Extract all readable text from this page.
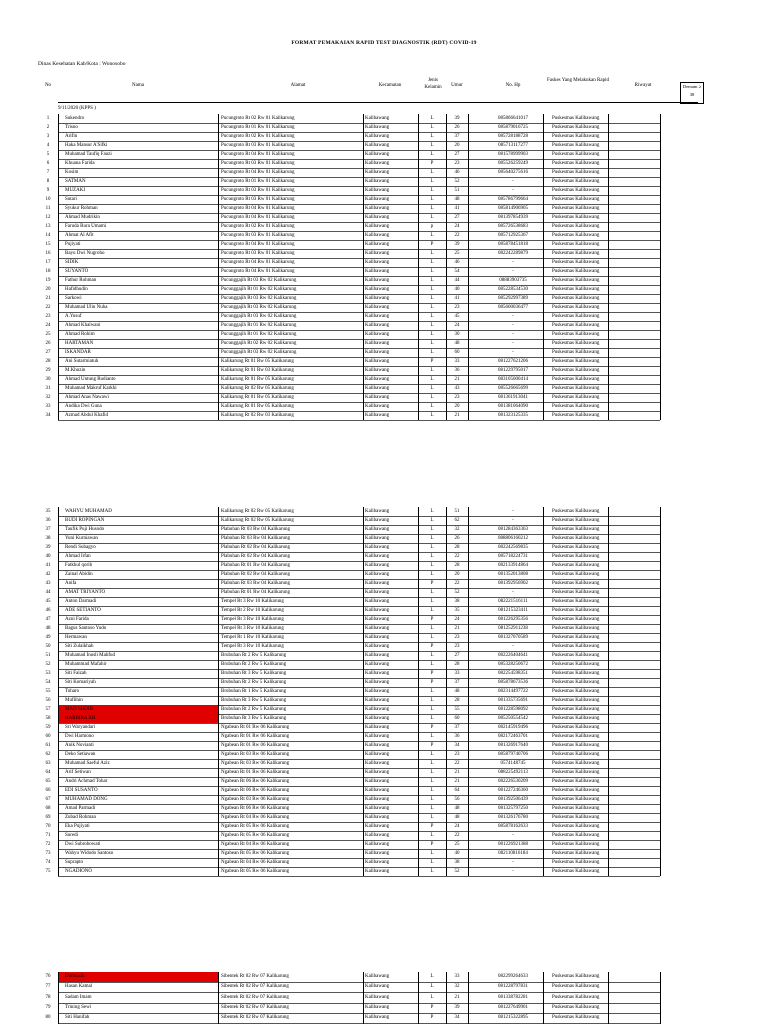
FORMAT PEMAKAIAN RAPID TEST DIAGNOSTIK (RDT) COVID-19
Dinas Kesehatan Kab/Kota : Wonosobo
No	Nama	Alamat	Kecamatan
Jenis Kelamin	Umur	No. Hp
Faskes Yang Melakukan Rapid
Riwayat	Demam ≥ 38
9/11/2020 (KPPS )
1	Sukendro	Pucungroto Rt 02 Rw 01 Kalikarung	Kalibawang	L	39	085866641017	Puskesmas Kalibawang
2	Trisno	Pucungroto Rt 01 Rw 01 Kalikarung	Kalibawang	L	26	085879016725	Puskesmas Kalibawang
3	Arifin	Pucungroto Rt 02 Rw 01 Kalikarung	Kalibawang	L	37	085728188728	Puskesmas Kalibawang
4	Haka Mansur A'Sifki	Pucungroto Rt 03 Rw 01 Kalikarung	Kalibawang	L	20	085713117277	Puskesmas Kalibawang
5	Muhamad Taufiq Fauzi	Pucungroto Rt 04 Rw 01 Kalikarung	Kalibawang	L	27	081578999903	Puskesmas Kalibawang
6	Khuana Farida	Pucungroto Rt 03 Rw 01 Kalikarung	Kalibawang	P	23	085526259249	Puskesmas Kalibawang
7	Kosim	Pucungroto Rt 04 Rw 01 Kalikarung	Kalibawang	L	46	085640275616	Puskesmas Kalibawang
8	SATMAN	Pucungroto Rt 01 Rw 01 Kalikarung	Kalibawang	L	52	-	Puskesmas Kalibawang
9	MUZAKI	Pucungroto Rt 03 Rw 01 Kalikarung	Kalibawang	L	51	-	Puskesmas Kalibawang
10	Sutari	Pucungroto Rt 03 Rw 01 Kalikarung	Kalibawang	L	48	085786799664	Puskesmas Kalibawang
11	Syukur Rohman	Pucungroto Rt 04 Rw 01 Kalikarung	Kalibawang	L	41	085814906905	Puskesmas Kalibawang
12	Ahmad Mudrikin	Pucungroto Rt 04 Rw 01 Kalikarung	Kalibawang	L	27	081397854939	Puskesmas Kalibawang
13	Faruda Rura Umami	Pucungroto Rt 02 Rw 01 Kalikarung	Kalibawang	p	24	085726538683	Puskesmas Kalibawang
14	Ahmat Al Afit	Pucungroto Rt 03 Rw 01 Kalikarung	Kalibawang	L	22	085712925367	Puskesmas Kalibawang
15	Pujiyati	Pucungroto Rt 04 Rw 01 Kalikarung	Kalibawang	P	39	085878451818	Puskesmas Kalibawang
16	Bayu Dwi Nugroho	Pucungroto Rt 03 Rw 01 Kalikarung	Kalibawang	L	25	082242289879	Puskesmas Kalibawang
17	SIDIK	Pucungroto Rt 04 Rw 01 Kalikarung	Kalibawang	L	46	-	Puskesmas Kalibawang
18	SUYANTO	Pucungroto Rt 04 Rw 01 Kalikarung	Kalibawang	L	54	-	Puskesmas Kalibawang
19	Fathur Rohman	Pucunggajih Rt 03 Rw 02 Kalikarung	Kalibawang	L	44	08883903735	Puskesmas Kalibawang
20	Hafidhudin	Pucunggajih Rt 01 Rw 02 Kalikarung	Kalibawang	L	40	085228534530	Puskesmas Kalibawang
21	Sarkowi	Pucunggajih Rt 03 Rw 02 Kalikarung	Kalibawang	L	41	085292997389	Puskesmas Kalibawang
22	Muhamad Ulin Nuha	Pucunggajih Rt 03 Rw 02 Kalikarung	Kalibawang	L	23	085600036477	Puskesmas Kalibawang
23	A.Yusuf	Pucunggajih Rt 03 Rw 02 Kalikarung	Kalibawang	L	45	-	Puskesmas Kalibawang
24	Ahmad Khalwani	Pucunggajih Rt 01 Rw 02 Kalikarung	Kalibawang	L	24	-	Puskesmas Kalibawang
25	Ahmad Rohim	Pucunggajih Rt 01 Rw 02 Kalikarung	Kalibawang	L	30	-	Puskesmas Kalibawang
26	HARTAMAN	Pucunggajih Rt 02 Rw 02 Kalikarung	Kalibawang	L	48	-	Puskesmas Kalibawang
27	ISKANDAR	Pucunggajih Rt 03 Rw 02 Kalikarung	Kalibawang	L	60	-	Puskesmas Kalibawang
28	Ani Sutarmiatuh	Kalikarung Rt 01 Rw 05 Kalikarung	Kalibawang	P	33	081227621206	Puskesmas Kalibawang
29	M.Khozin	Kalikarung Rt 01 Rw 03 Kalikarung	Kalibawang	L	36	081229795017	Puskesmas Kalibawang
30	Ahmad Untung Rudianto	Kalikarung Rt 01 Rw 05 Kalikarung	Kalibawang	L	21	083105000414	Puskesmas Kalibawang
31	Muhamad Makruf Karkhi	Kalikarung Rt 02 Rw 05 Kalikarung	Kalibawang	L	43	085526665699	Puskesmas Kalibawang
32	Ahmad Anas Nawawi	Kalikarung Rt 01 Rw 05 Kalikarung	Kalibawang	L	23	081361913041	Puskesmas Kalibawang
33	Andika Dwi Guna	Kalikarung Rt 01 Rw 05 Kalikarung	Kalibawang	L	20	081381064090	Puskesmas Kalibawang
34	Azmad Abdul Khafid	Kalikarung Rt 02 Rw 03 Kalikarung	Kalibawang	L	21	081323125335	Puskesmas Kalibawang
35	WAHYU MUHAMAD	Kalikarung Rt 02 Rw 05 Kalikarung	Kalibawang	L	51	-	Puskesmas Kalibawang
36	BUDI ROPINGAN	Kalikarung Rt 02 Rw 05 Kalikarung	Kalibawang	L	62	-	Puskesmas Kalibawang
37	Taufik Puji Husodo	Plabuhan Rt 03 Rw 04 Kalikarung	Kalibawang	L	32	081284363363	Puskesmas Kalibawang
38	Yuni Kurniawan	Plabuhan Rt 03 Rw 04 Kalikarung	Kalibawang	L	26	088806160212	Puskesmas Kalibawang
39	Rendi Subagyo	Plabuhan Rt 02 Rw 04 Kalikarung	Kalibawang	L	28	082242569835	Puskesmas Kalibawang
40	Ahmad Irfan	Plabuhan Rt 02 Rw 04 Kalikarung	Kalibawang	L	22	085718224731	Puskesmas Kalibawang
41	Fatkhul qorib	Plabuhan Rt 01 Rw 04 Kalikarung	Kalibawang	L	28	082133914864	Puskesmas Kalibawang
42	Zainal Abidin	Plabuhan Rt 02 Rw 04 Kalikarung	Kalibawang	L	20	081352013808	Puskesmas Kalibawang
43	Anifa	Plabuhan Rt 03 Rw 04 Kalikarung	Kalibawang	P	22	081392956902	Puskesmas Kalibawang
44	AMAT TRIYANTO	Plabuhan Rt 01 Rw 04 Kalikarung	Kalibawang	L	52	-	Puskesmas Kalibawang
45	Anton Darmadi	Tempel Rt 3 Rw 10 Kalikarung	Kalibawang	L	38	082221516111	Puskesmas Kalibawang
46	ADE SETIANTO	Tempel Rt 2 Rw 10 Kalikarung	Kalibawang	L	35	081215323411	Puskesmas Kalibawang
47	Azni Farida	Tempel Rt 3 Rw 10 Kalikarung	Kalibawang	P	24	081226295356	Puskesmas Kalibawang
48	Bagus Santoso Yudo	Tempel Rt 3 Rw 10 Kalikarung	Kalibawang	L	21	081252911238	Puskesmas Kalibawang
49	Hermawan	Tempel Rt 1 Rw 10 Kalikarung	Kalibawang	L	23	081327070589	Puskesmas Kalibawang
50	Siti Zulaikhah	Tempel Rt 3 Rw 10 Kalikarung	Kalibawang	P	23	-	Puskesmas Kalibawang
51	Muhamad Inosli Mahfud	Brubuhan Rt 2 Rw 5 Kalikarung	Kalibawang	L	27	082226404641	Puskesmas Kalibawang
52	Muhammad Mafahir	Brubuhan Rt 2 Rw 5 Kalikarung	Kalibawang	L	28	085328250672	Puskesmas Kalibawang
53	Siti Faizah	Brubuhan Rt 3 Rw 5 Kalikarung	Kalibawang	P	33	082254598351	Puskesmas Kalibawang
54	Siti Komariyah	Brubuhan Rt 2 Rw 5 Kalikarung	Kalibawang	P	37	085878673536	Puskesmas Kalibawang
55	Toharo	Brubuhan Rt 1 Rw 5 Kalikarung	Kalibawang	L	48	082314497722	Puskesmas Kalibawang
56	Muflihin	Brubuhan Rt 3 Rw 5 Kalikarung	Kalibawang	L	28	081335735691	Puskesmas Kalibawang
57	MAD SHOIB	Brubuhan Rt 2 Rw 5 Kalikarung	Kalibawang	L	55	081228598092	Puskesmas Kalibawang
58	HARBIRA AH	Brubuhan Rt 3 Rw 5 Kalikarung	Kalibawang	L	60	085250554542	Puskesmas Kalibawang
59	Sri Waryandari	Ngabean Rt 01 Rw 06 Kalikarung	Kalibawang	P	37	082145919496	Puskesmas Kalibawang
60	Dwi Harmono	Ngabean Rt 01 Rw 06 Kalikarung	Kalibawang	L	36	082172463701	Puskesmas Kalibawang
61	Anik Novianti	Ngabean Rt 01 Rw 06 Kalikarung	Kalibawang	P	34	081326917640	Puskesmas Kalibawang
62	Deko Setiawan	Ngabean Rt 03 Rw 06 Kalikarung	Kalibawang	L	23	085879740706	Puskesmas Kalibawang
63	Muhamad Saeful Aziz	Ngabean Rt 03 Rw 06 Kalikarung	Kalibawang	L	22	0574148745	Puskesmas Kalibawang
64	Arif Setiwan	Ngabean Rt 01 Rw 06 Kalikarung	Kalibawang	L	21	088225492113	Puskesmas Kalibawang
65	Andri Achmad Tohar	Ngabean Rt 06 Rw 06 Kalikarung	Kalibawang	L	21	082226530209	Puskesmas Kalibawang
66	EDI SUSANTO	Ngabean Rt 06 Rw 06 Kalikarung	Kalibawang	L	64	081227246360	Puskesmas Kalibawang
67	MUHAMAD DONG	Ngabean Rt 03 Rw 06 Kalikarung	Kalibawang	L	56	081392506439	Puskesmas Kalibawang
68	Amad Parmadi	Ngabean Rt 06 Rw 06 Kalikarung	Kalibawang	L	48	081325797250	Puskesmas Kalibawang
69	Zubad Rohman	Ngabean Rt 04 Rw 06 Kalikarung	Kalibawang	L	48	081326176780	Puskesmas Kalibawang
70	Eka Pujiyati	Ngabean Rt 05 Rw 06 Kalikarung	Kalibawang	P	24	085878162633	Puskesmas Kalibawang
71	Suredi	Ngabean Rt 05 Rw 06 Kalikarung	Kalibawang	L	22	-	Puskesmas Kalibawang
72	Dwi Subrobowati	Ngabean Rt 04 Rw 06 Kalikarung	Kalibawang	P	25	081226921388	Puskesmas Kalibawang
73	Wahyu Widodo Santoso	Ngabean Rt 05 Rw 06 Kalikarung	Kalibawang	L	40	082110816184	Puskesmas Kalibawang
74	Suprapto	Ngabean Rt 04 Rw 06 Kalikarung	Kalibawang	L	38	-	Puskesmas Kalibawang
75	NGADIONO	Ngabean Rt 05 Rw 06 Kalikarung	Kalibawang	L	52	-	Puskesmas Kalibawang
76	Darmasih	Sibentek Rt 02 Rw 07 Kalikarung	Kalibawang	L	33	082299264633	Puskesmas Kalibawang
77	Hasan Kamal	Sibentek Rt 02 Rw 07 Kalikarung	Kalibawang	L	32	081228797831	Puskesmas Kalibawang
78	Sadam Imam	Sibentek Rt 02 Rw 07 Kalikarung	Kalibawang	L	21	081338782281	Puskesmas Kalibawang
79	Trining Sewi	Sibentek Rt 02 Rw 07 Kalikarung	Kalibawang	P	39	081227649901	Puskesmas Kalibawang
80	Siti Hanifah	Sibentek Rt 02 Rw 07 Kalikarung	Kalibawang	P	34	081215322895	Puskesmas Kalibawang
